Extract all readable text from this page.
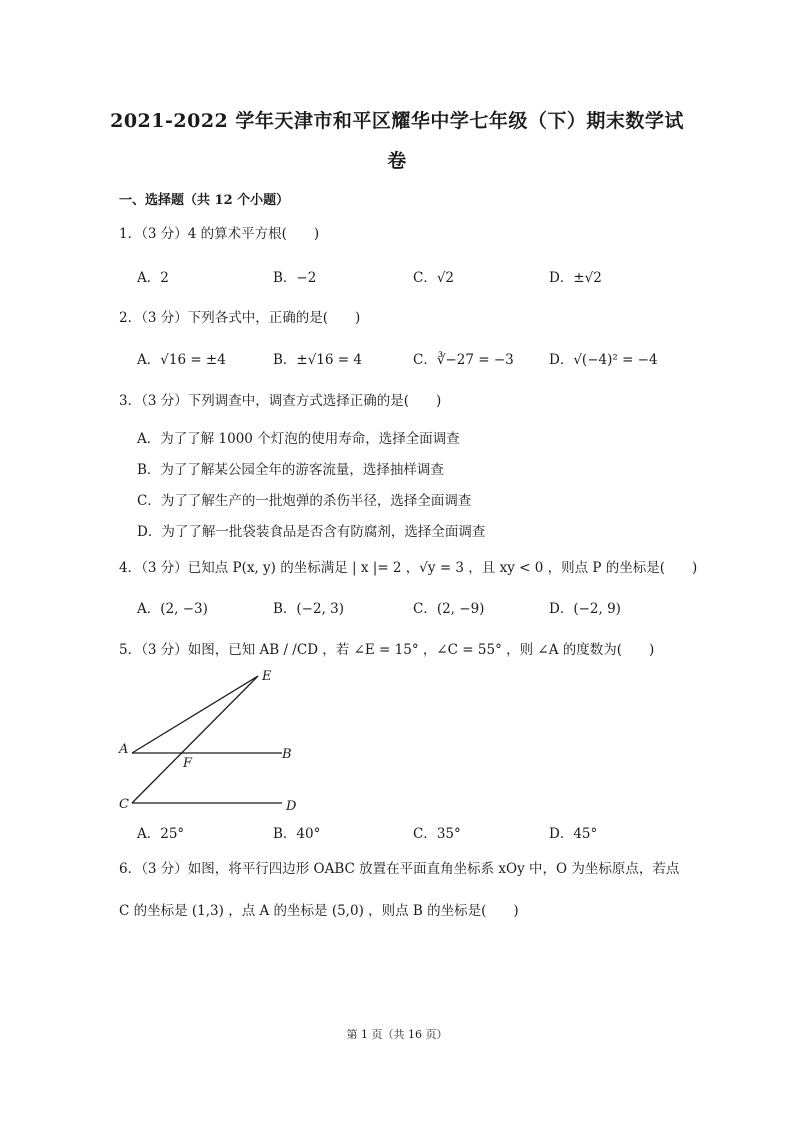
2021-2022 学年天津市和平区耀华中学七年级（下）期末数学试
卷
一、选择题（共 12 个小题）
1．（3 分）4 的算术平方根(　　)
A．2	B．−2	C．√2	D．±√2
2．（3 分）下列各式中，正确的是(　　)
A．√16 = ±4	B．±√16 = 4	C．∛−27 = −3	D．√(−4)² = −4
3．（3 分）下列调查中，调查方式选择正确的是(　　)
A．为了了解 1000 个灯泡的使用寿命，选择全面调查
B．为了了解某公园全年的游客流量，选择抽样调查
C．为了了解生产的一批炮弹的杀伤半径，选择全面调查
D．为了了解一批袋装食品是否含有防腐剂，选择全面调查
4．（3 分）已知点 P(x, y) 的坐标满足 | x |= 2 ，√y = 3 ，且 xy < 0 ，则点 P 的坐标是(　　)
A．(2, −3)	B．(−2, 3)	C．(2, −9)	D．(−2, 9)
5．（3 分）如图，已知 AB / /CD ，若 ∠E = 15° ，∠C = 55° ，则 ∠A 的度数为(　　)
E
A	B
F
C	D
A．25°	B．40°	C．35°	D．45°
6．（3 分）如图，将平行四边形 OABC 放置在平面直角坐标系 xOy 中，O 为坐标原点，若点
C 的坐标是 (1,3) ，点 A 的坐标是 (5,0) ，则点 B 的坐标是(　　)
第 1 页（共 16 页）
